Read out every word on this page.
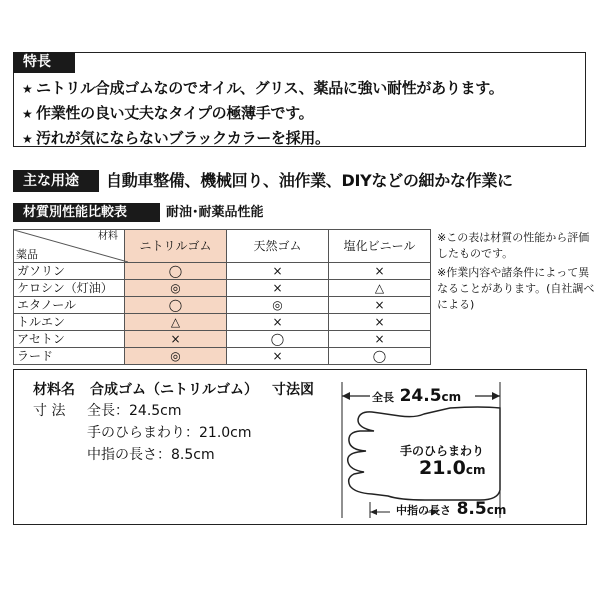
特長
★ ニトリル合成ゴムなのでオイル、グリス、薬品に強い耐性があります。
★ 作業性の良い丈夫なタイプの極薄手です。
★ 汚れが気にならないブラックカラーを採用。
主な用途	自動車整備、機械回り、油作業、DIYなどの細かな作業に
材質別性能比較表	耐油･耐薬品性能
材料
薬品	ニトリルゴム	天然ゴム	塩化ビニール
ガソリン	◯	×	×
ケロシン（灯油）	◎	×	△
エタノール	◯	◎	×
トルエン	△	×	×
アセトン	×	◯	×
ラード	◎	×	◯

※この表は材質の性能から評価したものです。

※作業内容や諸条件によって異なることがあります。(自社調べによる)

材料名 合成ゴム（ニトリルゴム） 寸法図
寸 法 全長：24.5cm
手のひらまわり：21.0cm
中指の長さ：8.5cm
全長 24.5cm
手のひらまわり
21.0cm
中指の長さ 8.5cm
